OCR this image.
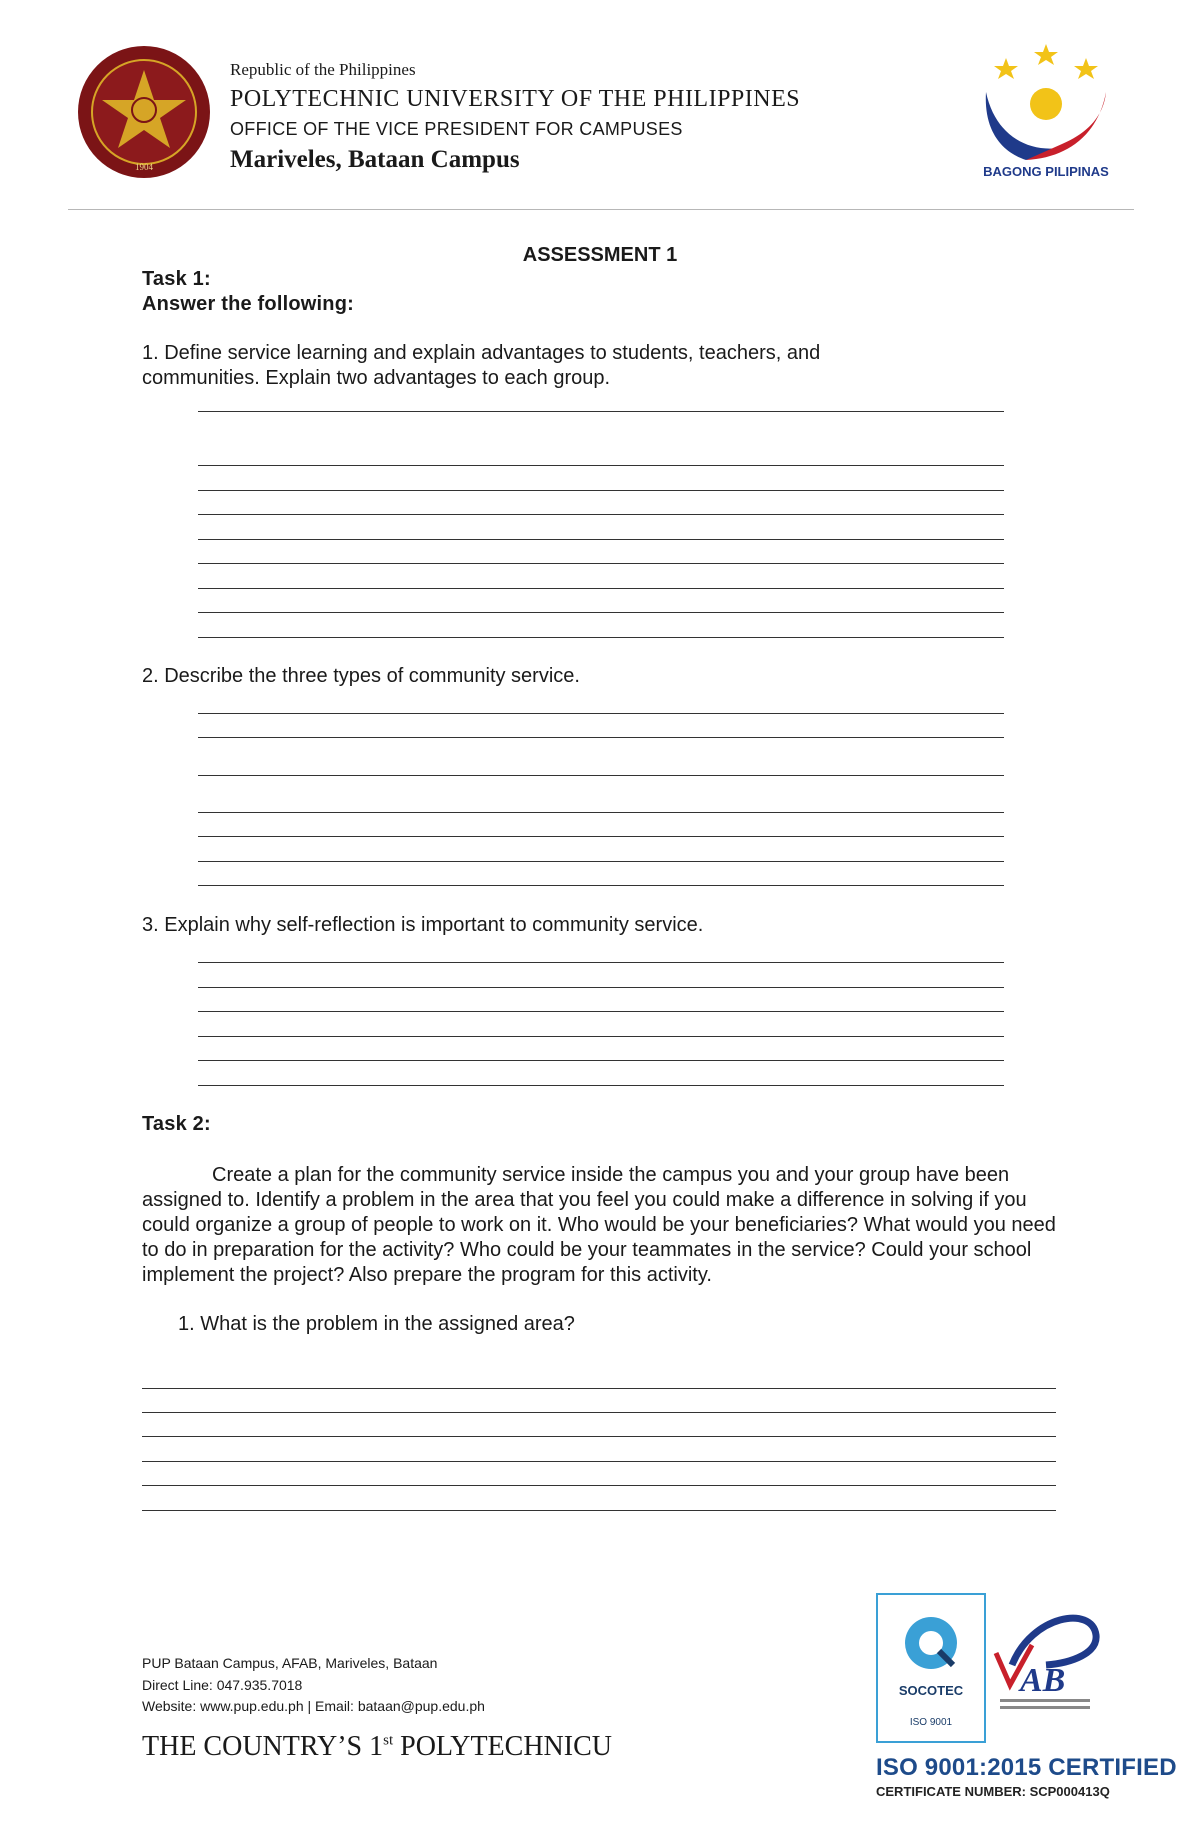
1904
Republic of the Philippines
POLYTECHNIC UNIVERSITY OF THE PHILIPPINES
OFFICE OF THE VICE PRESIDENT FOR CAMPUSES
Mariveles, Bataan Campus	BAGONG PILIPINAS
ASSESSMENT 1
Task 1:
Answer the following:
1. Define service learning and explain advantages to students, teachers, and
communities. Explain two advantages to each group.
2. Describe the three types of community service.
3. Explain why self-reflection is important to community service.
Task 2:
Create a plan for the community service inside the campus you and your group have been assigned to. Identify a problem in the area that you feel you could make a difference in solving if you could organize a group of people to work on it. Who would be your beneficiaries? What would you need to do in preparation for the activity? Who could be your teammates in the service? Could your school implement the project? Also prepare the program for this activity.
1. What is the problem in the assigned area?
PUP Bataan Campus, AFAB, Mariveles, Bataan
Direct Line: 047.935.7018
Website: www.pup.edu.ph | Email: bataan@pup.edu.ph
THE COUNTRY’S 1st POLYTECHNICU
SOCOTEC
ISO 9001
AB
ISO 9001:2015 CERTIFIED
CERTIFICATE NUMBER: SCP000413Q
